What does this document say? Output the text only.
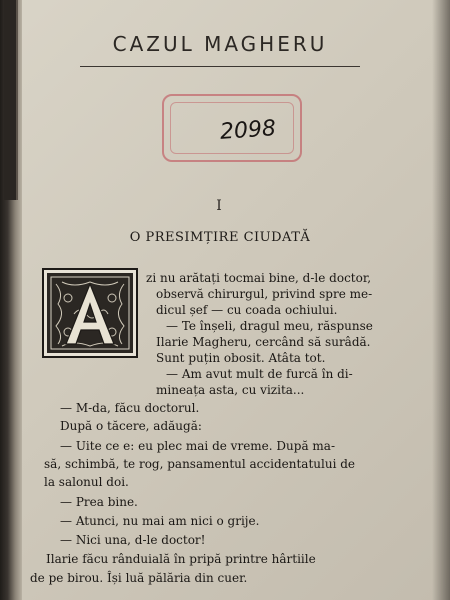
CAZUL MAGHERU
2098
I
O PRESIMȚIRE CIUDATĂ
zi nu arătați tocmai bine, d-le doctor,
observă chirurgul, privind spre me-
dicul șef — cu coada ochiului.
— Te înșeli, dragul meu, răspunse
Ilarie Magheru, cercând să surâdă.
Sunt puțin obosit. Atâta tot.
— Am avut mult de furcă în di-
mineața asta, cu vizita...
— M-da, făcu doctorul.
După o tăcere, adăugă:
— Uite ce e: eu plec mai de vreme. După ma-
să, schimbă, te rog, pansamentul accidentatului de
la salonul doi.
— Prea bine.
— Atunci, nu mai am nici o grije.
— Nici una, d-le doctor!
Ilarie făcu rânduială în pripă printre hârtiile
de pe birou. Își luă pălăria din cuer.
